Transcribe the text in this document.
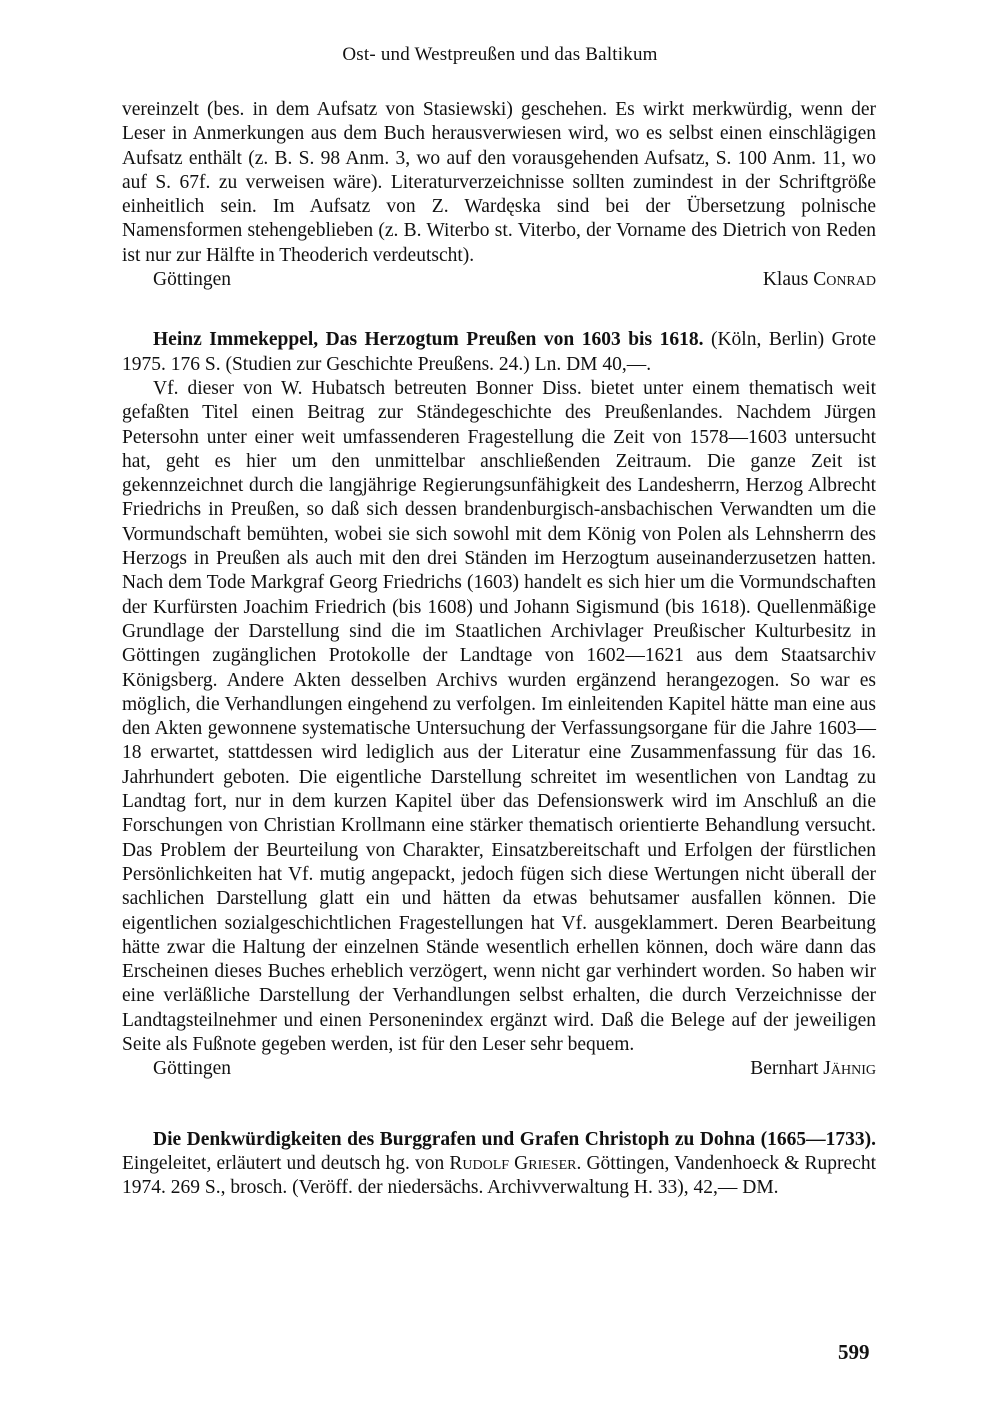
Ost- und Westpreußen und das Baltikum

vereinzelt (bes. in dem Aufsatz von Stasiewski) geschehen. Es wirkt merkwürdig, wenn der Leser in Anmerkungen aus dem Buch herausverwiesen wird, wo es selbst einen einschlägigen Aufsatz enthält (z. B. S. 98 Anm. 3, wo auf den vorausgehenden Aufsatz, S. 100 Anm. 11, wo auf S. 67f. zu verweisen wäre). Literaturverzeichnisse sollten zumindest in der Schriftgröße einheitlich sein. Im Aufsatz von Z. Wardęska sind bei der Übersetzung polnische Namensformen stehengeblieben (z. B. Witerbo st. Viterbo, der Vorname des Dietrich von Reden ist nur zur Hälfte in Theoderich verdeutscht).

Göttingen	Klaus Conrad

Heinz Immekeppel, Das Herzogtum Preußen von 1603 bis 1618. (Köln, Berlin) Grote 1975. 176 S. (Studien zur Geschichte Preußens. 24.) Ln. DM 40,—.

Vf. dieser von W. Hubatsch betreuten Bonner Diss. bietet unter einem thematisch weit gefaßten Titel einen Beitrag zur Ständegeschichte des Preußenlandes. Nachdem Jürgen Petersohn unter einer weit umfassenderen Fragestellung die Zeit von 1578—1603 untersucht hat, geht es hier um den unmittelbar anschließenden Zeitraum. Die ganze Zeit ist gekennzeichnet durch die langjährige Regierungsunfähigkeit des Landesherrn, Herzog Albrecht Friedrichs in Preußen, so daß sich dessen brandenburgisch-ansbachischen Verwandten um die Vormundschaft bemühten, wobei sie sich sowohl mit dem König von Polen als Lehnsherrn des Herzogs in Preußen als auch mit den drei Ständen im Herzogtum auseinanderzusetzen hatten. Nach dem Tode Markgraf Georg Friedrichs (1603) handelt es sich hier um die Vormundschaften der Kurfürsten Joachim Friedrich (bis 1608) und Johann Sigismund (bis 1618). Quellenmäßige Grundlage der Darstellung sind die im Staatlichen Archivlager Preußischer Kulturbesitz in Göttingen zugänglichen Protokolle der Landtage von 1602—1621 aus dem Staatsarchiv Königsberg. Andere Akten desselben Archivs wurden ergänzend herangezogen. So war es möglich, die Verhandlungen eingehend zu verfolgen. Im einleitenden Kapitel hätte man eine aus den Akten gewonnene systematische Untersuchung der Verfassungsorgane für die Jahre 1603—18 erwartet, stattdessen wird lediglich aus der Literatur eine Zusammenfassung für das 16. Jahrhundert geboten. Die eigentliche Darstellung schreitet im wesentlichen von Landtag zu Landtag fort, nur in dem kurzen Kapitel über das Defensionswerk wird im Anschluß an die Forschungen von Christian Krollmann eine stärker thematisch orientierte Behandlung versucht. Das Problem der Beurteilung von Charakter, Einsatzbereitschaft und Erfolgen der fürstlichen Persönlichkeiten hat Vf. mutig angepackt, jedoch fügen sich diese Wertungen nicht überall der sachlichen Darstellung glatt ein und hätten da etwas behutsamer ausfallen können. Die eigentlichen sozialgeschichtlichen Fragestellungen hat Vf. ausgeklammert. Deren Bearbeitung hätte zwar die Haltung der einzelnen Stände wesentlich erhellen können, doch wäre dann das Erscheinen dieses Buches erheblich verzögert, wenn nicht gar verhindert worden. So haben wir eine verläßliche Darstellung der Verhandlungen selbst erhalten, die durch Verzeichnisse der Landtagsteilnehmer und einen Personenindex ergänzt wird. Daß die Belege auf der jeweiligen Seite als Fußnote gegeben werden, ist für den Leser sehr bequem.

Göttingen	Bernhart Jähnig

Die Denkwürdigkeiten des Burggrafen und Grafen Christoph zu Dohna (1665—1733). Eingeleitet, erläutert und deutsch hg. von Rudolf Grieser. Göttingen, Vandenhoeck & Ruprecht 1974. 269 S., brosch. (Veröff. der niedersächs. Archivverwaltung H. 33), 42,— DM.

599
